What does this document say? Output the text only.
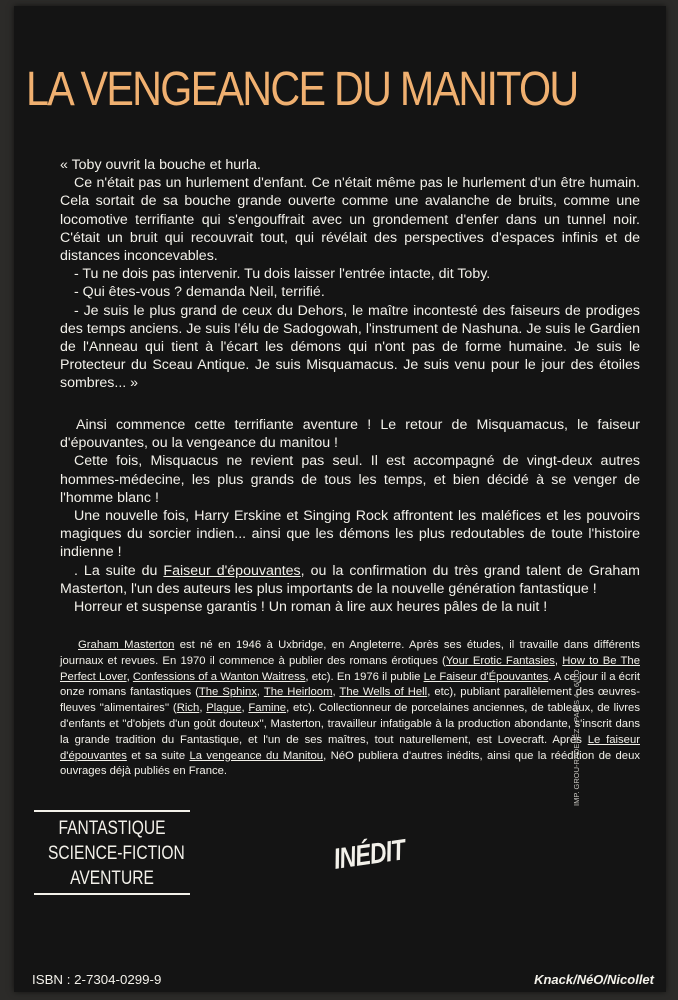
LA VENGEANCE DU MANITOU

« Toby ouvrit la bouche et hurla.

Ce n'était pas un hurlement d'enfant. Ce n'était même pas le hurlement d'un être humain. Cela sortait de sa bouche grande ouverte comme une avalanche de bruits, comme une locomotive terrifiante qui s'engouffrait avec un grondement d'enfer dans un tunnel noir. C'était un bruit qui recouvrait tout, qui révélait des perspectives d'espaces infinis et de distances inconcevables.

- Tu ne dois pas intervenir. Tu dois laisser l'entrée intacte, dit Toby.

- Qui êtes-vous ? demanda Neil, terrifié.

- Je suis le plus grand de ceux du Dehors, le maître incontesté des faiseurs de prodiges des temps anciens. Je suis l'élu de Sadogowah, l'instrument de Nashuna. Je suis le Gardien de l'Anneau qui tient à l'écart les démons qui n'ont pas de forme humaine. Je suis le Protecteur du Sceau Antique. Je suis Misquamacus. Je suis venu pour le jour des étoiles sombres... »

Ainsi commence cette terrifiante aventure ! Le retour de Misquamacus, le faiseur d'épouvantes, ou la vengeance du manitou !

Cette fois, Misquacus ne revient pas seul. Il est accompagné de vingt-deux autres hommes-médecine, les plus grands de tous les temps, et bien décidé à se venger de l'homme blanc !

Une nouvelle fois, Harry Erskine et Singing Rock affrontent les maléfices et les pouvoirs magiques du sorcier indien... ainsi que les démons les plus redoutables de toute l'histoire indienne !

. La suite du Faiseur d'épouvantes, ou la confirmation du très grand talent de Graham Masterton, l'un des auteurs les plus importants de la nouvelle génération fantastique !

Horreur et suspense garantis ! Un roman à lire aux heures pâles de la nuit !

Graham Masterton est né en 1946 à Uxbridge, en Angleterre. Après ses études, il travaille dans différents journaux et revues. En 1970 il commence à publier des romans érotiques (Your Erotic Fantasies, How to Be The Perfect Lover, Confessions of a Wanton Waitress, etc). En 1976 il publie Le Faiseur d'Épouvantes. A ce jour il a écrit onze romans fantastiques (The Sphinx, The Heirloom, The Wells of Hell, etc), publiant parallèlement des œuvres-fleuves ''alimentaires'' (Rich, Plague, Famine, etc). Collectionneur de porcelaines anciennes, de tableaux, de livres d'enfants et ''d'objets d'un goût douteux'', Masterton, travailleur infatigable à la production abondante, s'inscrit dans la grande tradition du Fantastique, et l'un de ses maîtres, tout naturellement, est Lovecraft. Après Le faiseur d'épouvantes et sa suite La vengeance du Manitou, NéO publiera d'autres inédits, ainsi que la réédition de deux ouvrages déjà publiés en France.
FANTASTIQUE
SCIENCE-FICTION
AVENTURE
INÉDIT
IMP. GROU-RADENEZ - PARIS 4 - 6/UO
ISBN : 2-7304-0299-9	Knack/NéO/Nicollet
